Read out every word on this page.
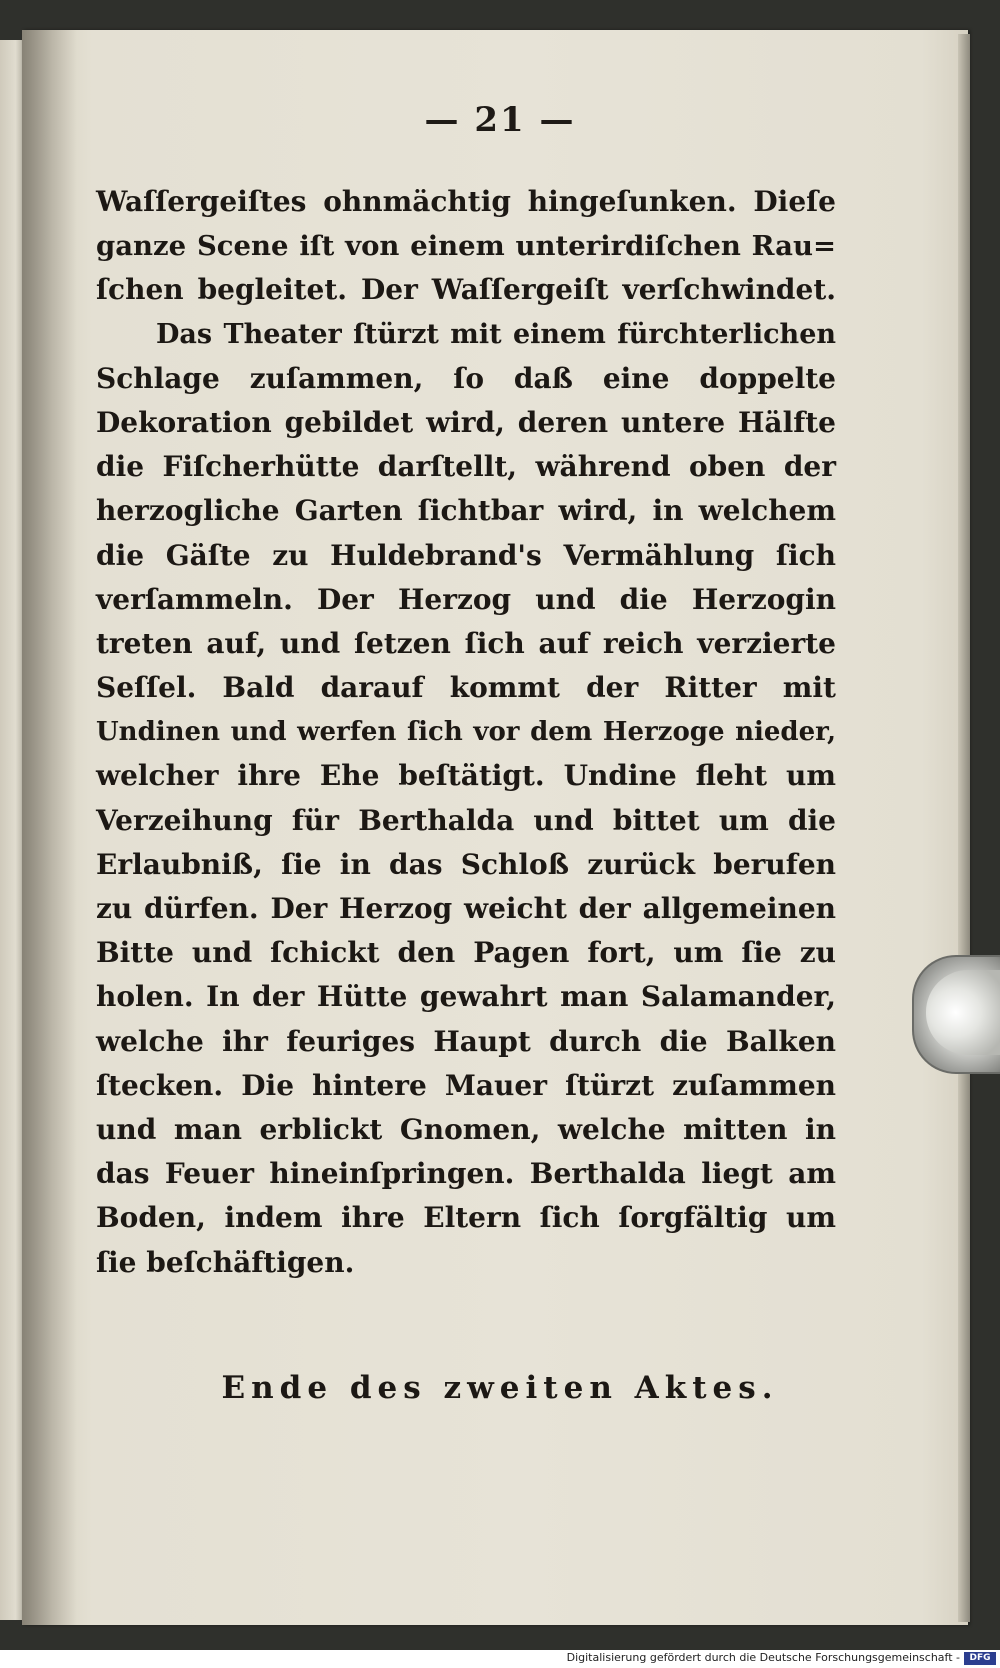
— 21 —
Waſſergeiſtes ohnmächtig hingeſunken. Dieſe
ganze Scene iſt von einem unterirdiſchen Rau=
ſchen begleitet. Der Waſſergeiſt verſchwindet.
Das Theater ſtürzt mit einem fürchterlichen
Schlage zuſammen, ſo daß eine doppelte
Dekoration gebildet wird, deren untere Hälfte
die Fiſcherhütte darſtellt, während oben der
herzogliche Garten ſichtbar wird, in welchem
die Gäſte zu Huldebrand's Vermählung ſich
verſammeln. Der Herzog und die Herzogin
treten auf, und ſetzen ſich auf reich verzierte
Seſſel. Bald darauf kommt der Ritter mit
Undinen und werfen ſich vor dem Herzoge nieder,
welcher ihre Ehe beſtätigt. Undine fleht um
Verzeihung für Berthalda und bittet um die
Erlaubniß, ſie in das Schloß zurück berufen
zu dürfen. Der Herzog weicht der allgemeinen
Bitte und ſchickt den Pagen fort, um ſie zu
holen. In der Hütte gewahrt man Salamander,
welche ihr feuriges Haupt durch die Balken
ſtecken. Die hintere Mauer ſtürzt zuſammen
und man erblickt Gnomen, welche mitten in
das Feuer hineinſpringen. Berthalda liegt am
Boden, indem ihre Eltern ſich ſorgfältig um
ſie beſchäftigen.
Ende des zweiten Aktes.
Digitalisierung gefördert durch die Deutsche Forschungsgemeinschaft -	DFG
